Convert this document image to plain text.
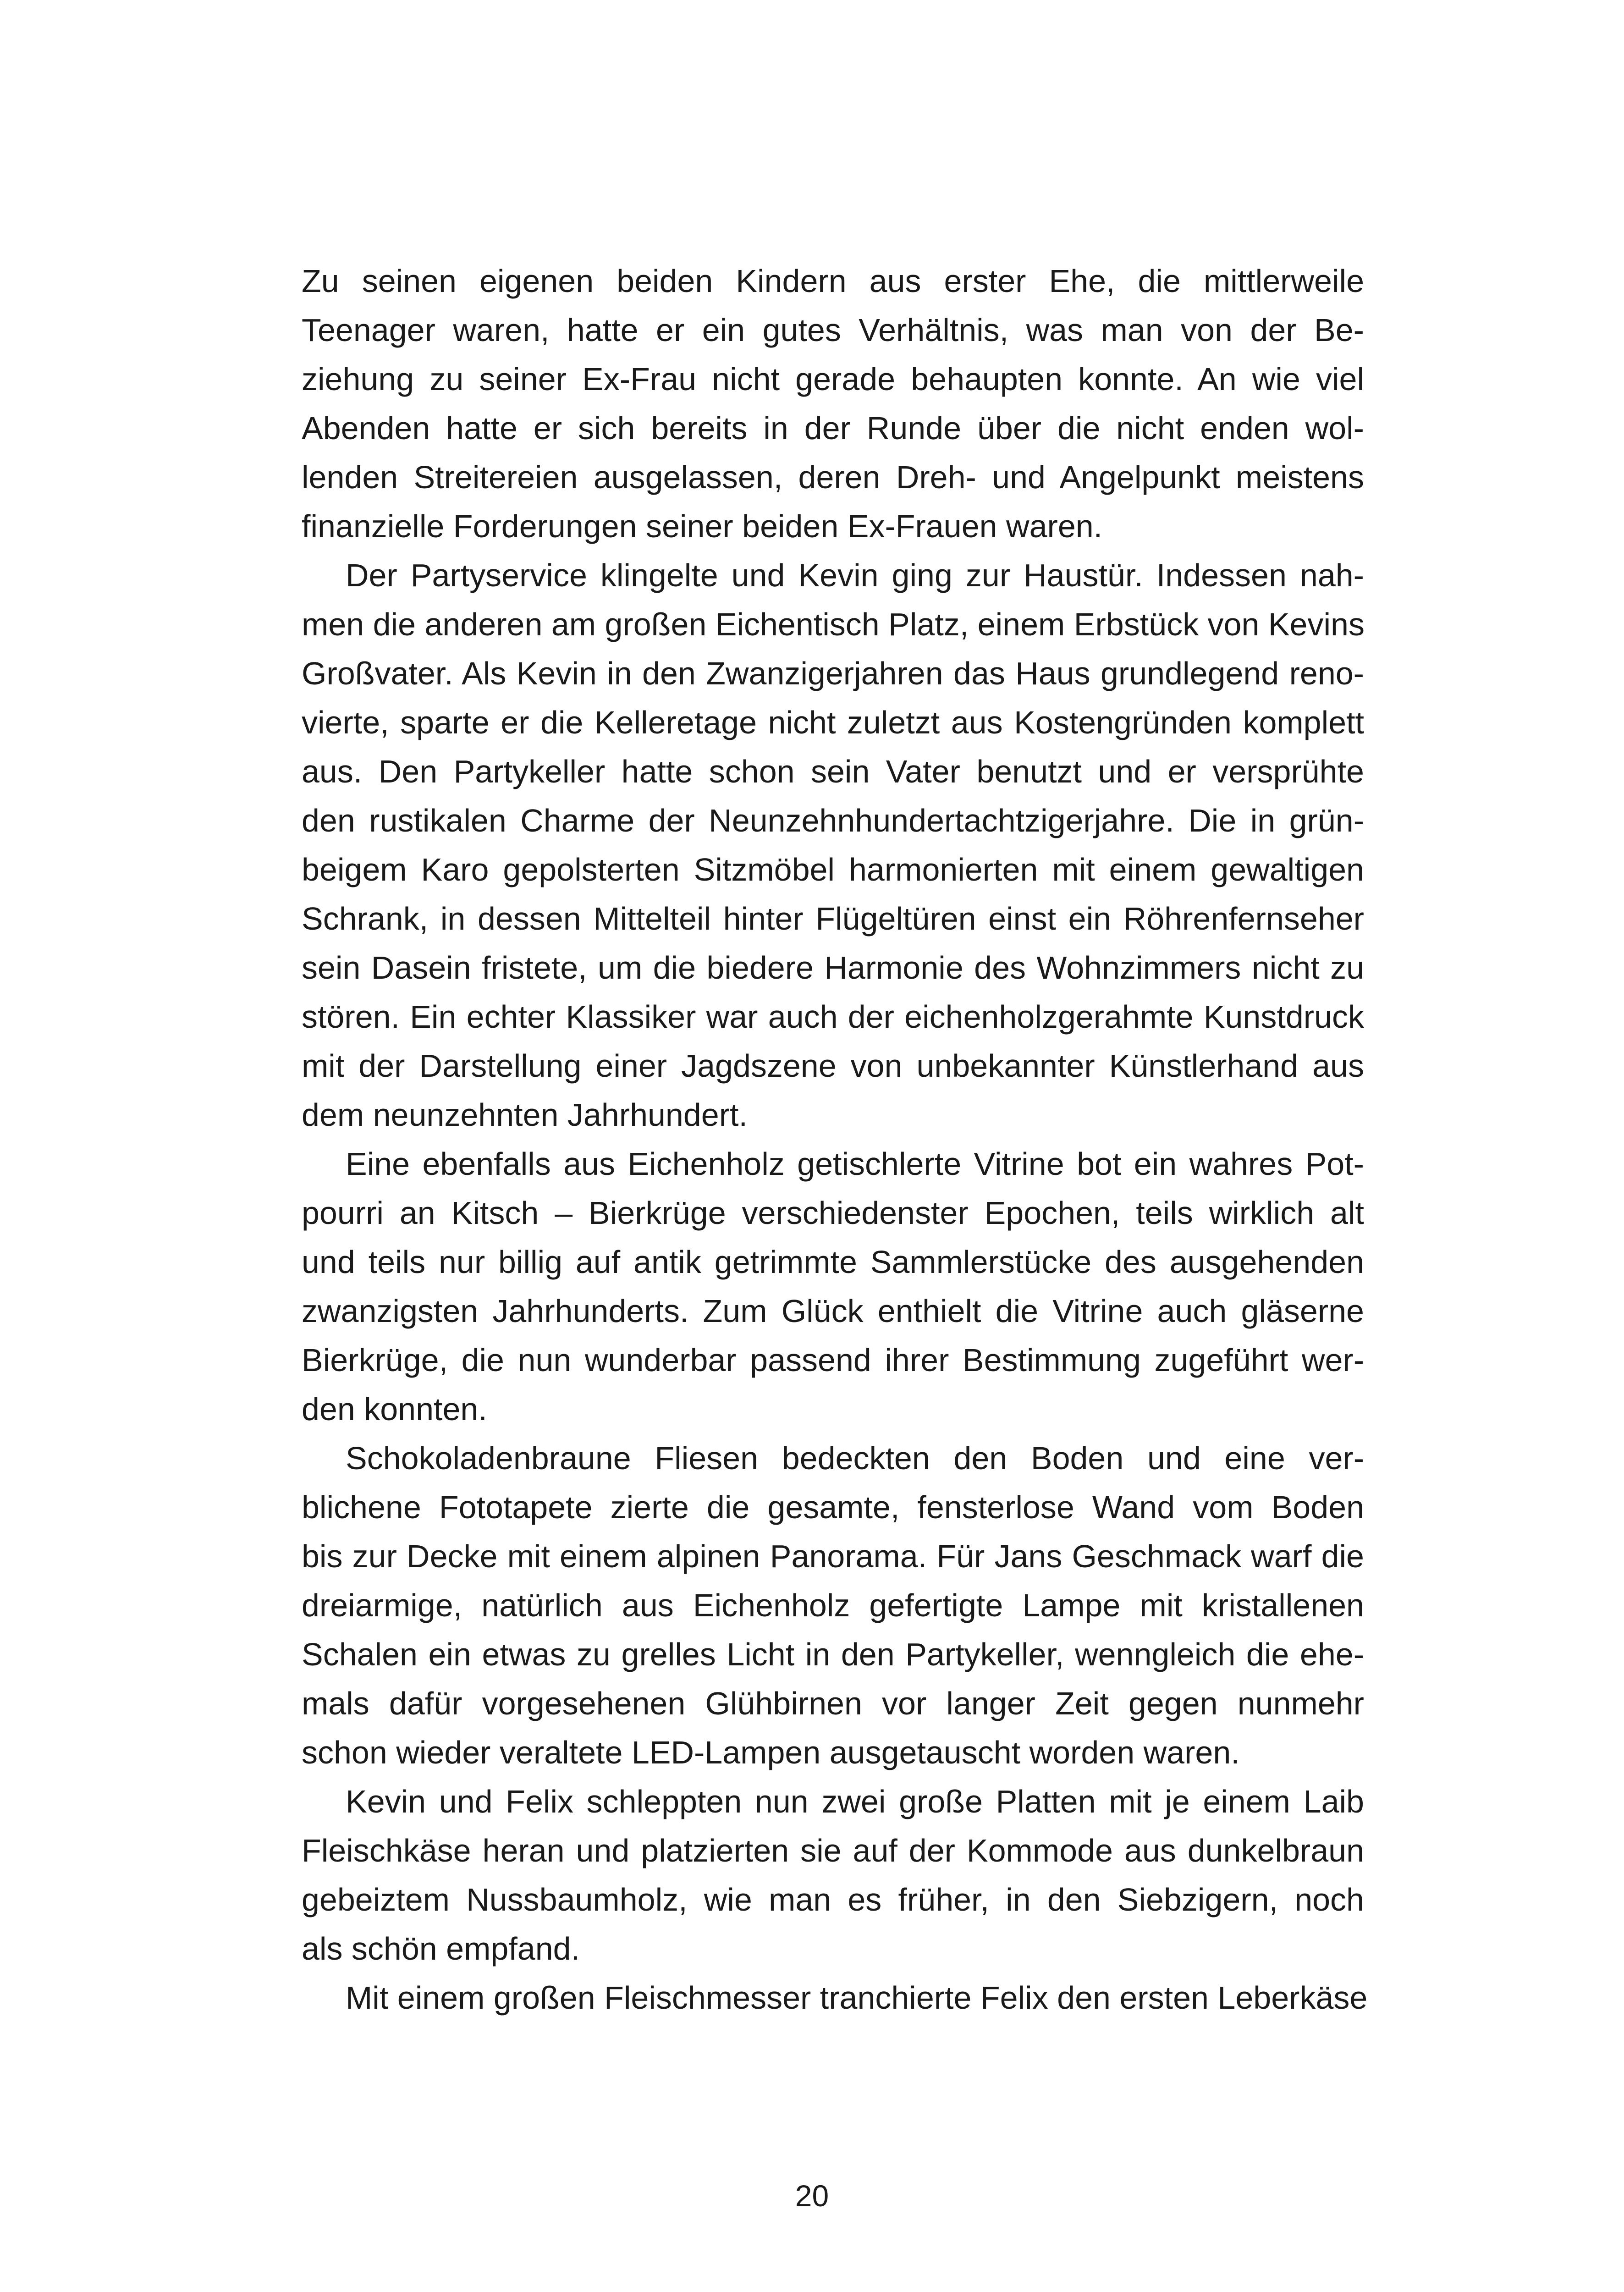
Zu seinen eigenen beiden Kindern aus erster Ehe, die mittlerweile
Teenager waren, hatte er ein gutes Verhältnis, was man von der Be-
ziehung zu seiner Ex-Frau nicht gerade behaupten konnte. An wie viel
Abenden hatte er sich bereits in der Runde über die nicht enden wol-
lenden Streitereien ausgelassen, deren Dreh- und Angelpunkt meistens
finanzielle Forderungen seiner beiden Ex-Frauen waren.
Der Partyservice klingelte und Kevin ging zur Haustür. Indessen nah-
men die anderen am großen Eichentisch Platz, einem Erbstück von Kevins
Großvater. Als Kevin in den Zwanzigerjahren das Haus grundlegend reno-
vierte, sparte er die Kelleretage nicht zuletzt aus Kostengründen komplett
aus. Den Partykeller hatte schon sein Vater benutzt und er versprühte
den rustikalen Charme der Neunzehnhundertachtzigerjahre. Die in grün-
beigem Karo gepolsterten Sitzmöbel harmonierten mit einem gewaltigen
Schrank, in dessen Mittelteil hinter Flügeltüren einst ein Röhrenfernseher
sein Dasein fristete, um die biedere Harmonie des Wohnzimmers nicht zu
stören. Ein echter Klassiker war auch der eichenholzgerahmte Kunstdruck
mit der Darstellung einer Jagdszene von unbekannter Künstlerhand aus
dem neunzehnten Jahrhundert.
Eine ebenfalls aus Eichenholz getischlerte Vitrine bot ein wahres Pot-
pourri an Kitsch – Bierkrüge verschiedenster Epochen, teils wirklich alt
und teils nur billig auf antik getrimmte Sammlerstücke des ausgehenden
zwanzigsten Jahrhunderts. Zum Glück enthielt die Vitrine auch gläserne
Bierkrüge, die nun wunderbar passend ihrer Bestimmung zugeführt wer-
den konnten.
Schokoladenbraune Fliesen bedeckten den Boden und eine ver-
blichene Fototapete zierte die gesamte, fensterlose Wand vom Boden
bis zur Decke mit einem alpinen Panorama. Für Jans Geschmack warf die
dreiarmige, natürlich aus Eichenholz gefertigte Lampe mit kristallenen
Schalen ein etwas zu grelles Licht in den Partykeller, wenngleich die ehe-
mals dafür vorgesehenen Glühbirnen vor langer Zeit gegen nunmehr
schon wieder veraltete LED-Lampen ausgetauscht worden waren.
Kevin und Felix schleppten nun zwei große Platten mit je einem Laib
Fleischkäse heran und platzierten sie auf der Kommode aus dunkelbraun
gebeiztem Nussbaumholz, wie man es früher, in den Siebzigern, noch
als schön empfand.
Mit einem großen Fleischmesser tranchierte Felix den ersten Leberkäse
20
